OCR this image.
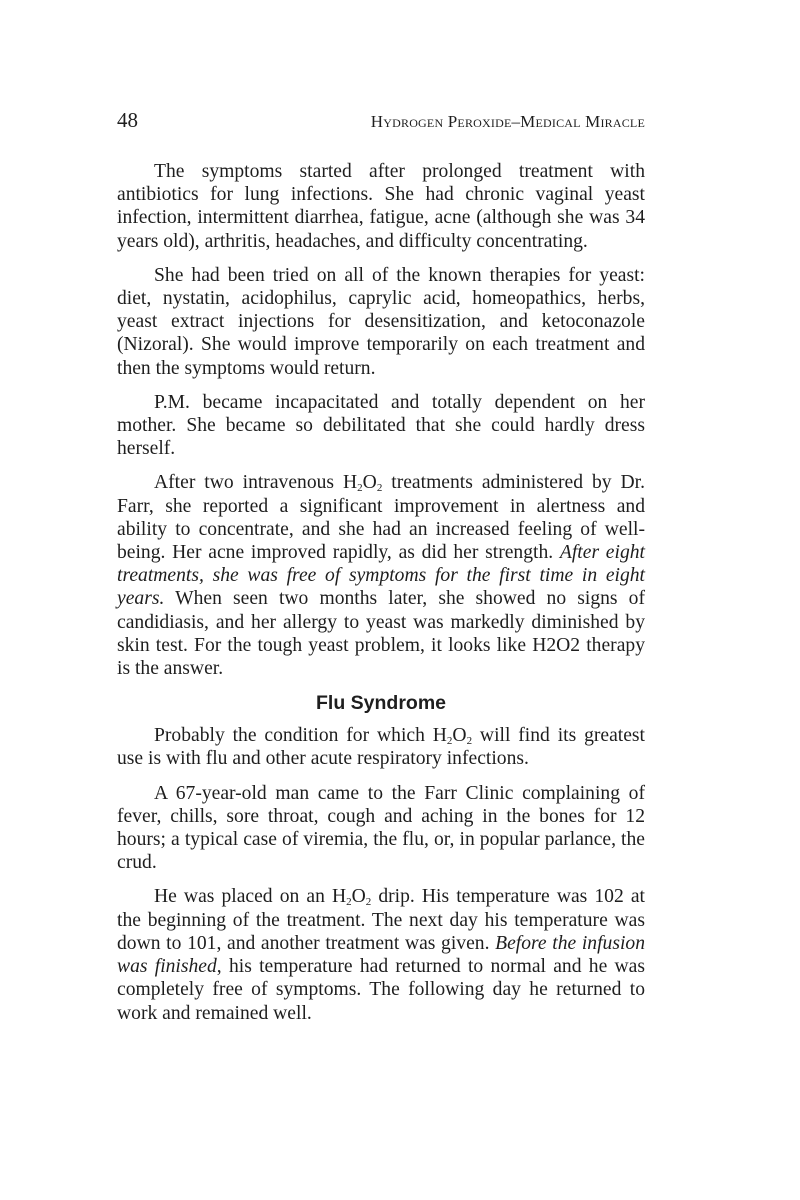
48	Hydrogen Peroxide–Medical Miracle

The symptoms started after prolonged treatment with antibiotics for lung infections. She had chronic vaginal yeast infection, intermittent diarrhea, fatigue, acne (although she was 34 years old), arthritis, headaches, and difficulty concentrating.

She had been tried on all of the known therapies for yeast: diet, nystatin, acidophilus, caprylic acid, homeopathics, herbs, yeast extract injections for desensitization, and ketoconazole (Nizoral). She would improve temporarily on each treatment and then the symptoms would return.

P.M. became incapacitated and totally dependent on her mother. She became so debilitated that she could hardly dress herself.

After two intravenous $H_2O_2$ treatments administered by Dr. Farr, she reported a significant improvement in alertness and ability to concentrate, and she had an increased feeling of well-being. Her acne improved rapidly, as did her strength. After eight treatments, she was free of symptoms for the first time in eight years. When seen two months later, she showed no signs of candidiasis, and her allergy to yeast was markedly diminished by skin test. For the tough yeast problem, it looks like H2O2 therapy is the answer.

Flu Syndrome

Probably the condition for which $H_2O_2$ will find its greatest use is with flu and other acute respiratory infections.

A 67-year-old man came to the Farr Clinic complaining of fever, chills, sore throat, cough and aching in the bones for 12 hours; a typical case of viremia, the flu, or, in popular parlance, the crud.

He was placed on an $H_2O_2$ drip. His temperature was 102 at the beginning of the treatment. The next day his temperature was down to 101, and another treatment was given. Before the infusion was finished, his temperature had returned to normal and he was completely free of symptoms. The following day he returned to work and remained well.
